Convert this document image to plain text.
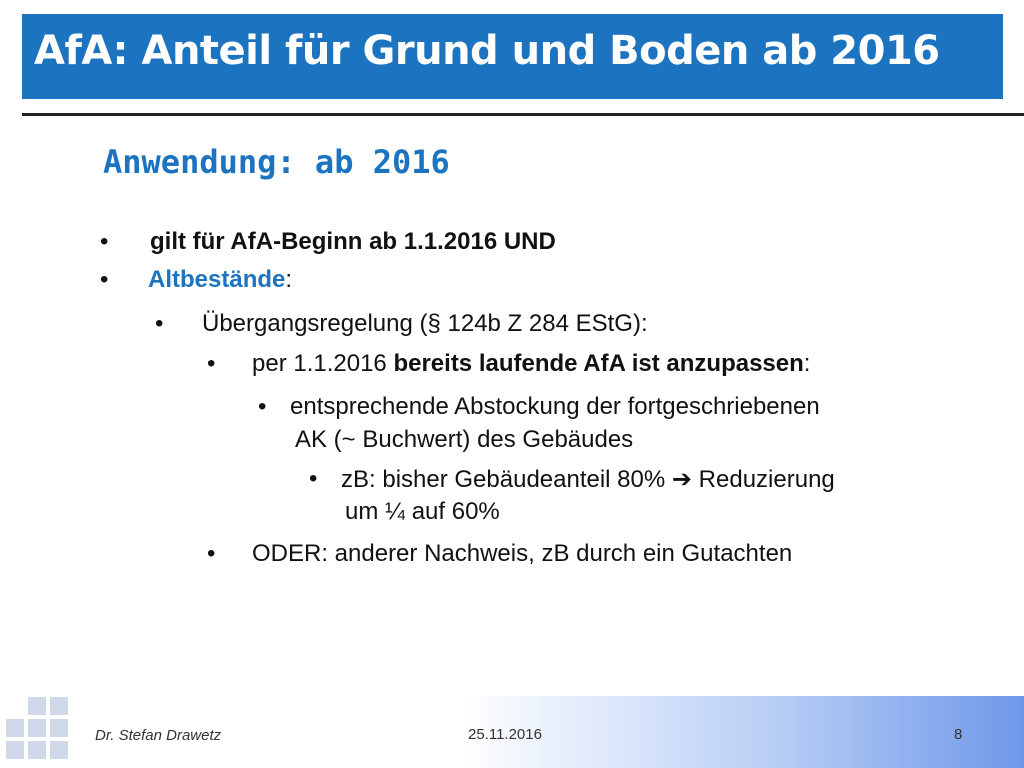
AfA: Anteil für Grund und Boden ab 2016
Anwendung: ab 2016
• gilt für AfA-Beginn ab 1.1.2016 UND
• Altbestände:
• Übergangsregelung (§ 124b Z 284 EStG):
• per 1.1.2016 bereits laufende AfA ist anzupassen:
• entsprechende Abstockung der fortgeschriebenen
AK (~ Buchwert) des Gebäudes
• zB: bisher Gebäudeanteil 80% ➔ Reduzierung
um ¼ auf 60%
• ODER: anderer Nachweis, zB durch ein Gutachten
Dr. Stefan Drawetz	25.11.2016	8
